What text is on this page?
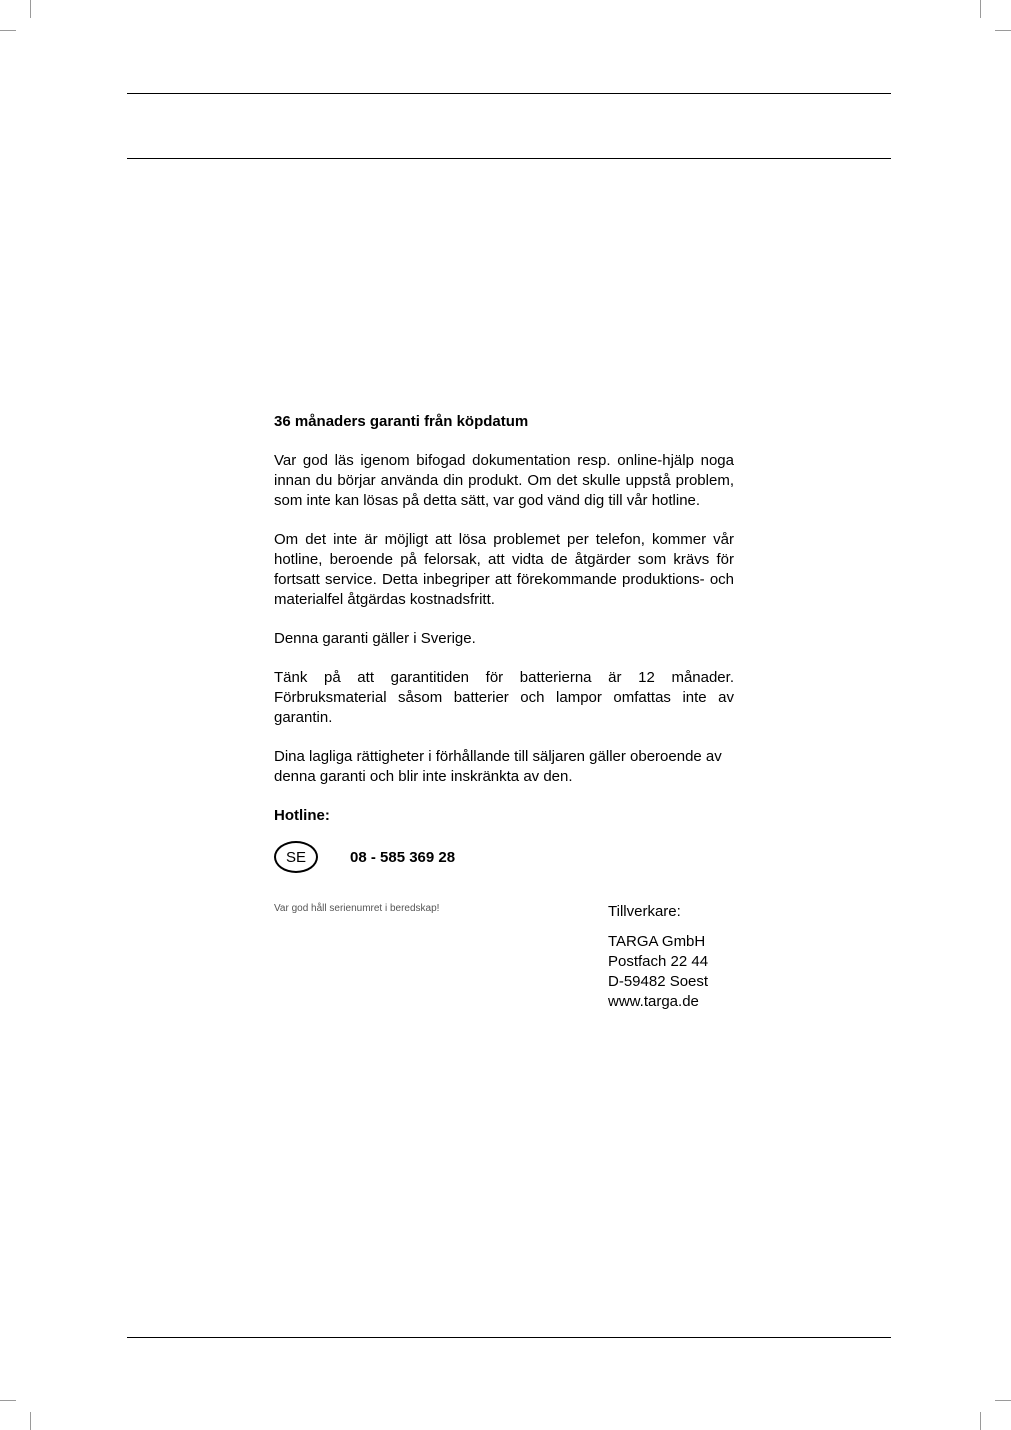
36 månaders garanti från köpdatum
Var god läs igenom bifogad dokumentation resp. online-hjälp noga innan du börjar använda din produkt. Om det skulle uppstå problem, som inte kan lösas på detta sätt, var god vänd dig till vår hotline.
Om det inte är möjligt att lösa problemet per telefon, kommer vår hotline, beroende på felorsak, att vidta de åtgärder som krävs för fortsatt service. Detta inbegriper att förekommande produktions- och materialfel åtgärdas kostnadsfritt.
Denna garanti gäller i Sverige.
Tänk på att garantitiden för batterierna är 12 månader. Förbruksmaterial såsom batterier och lampor omfattas inte av garantin.
Dina lagliga rättigheter i förhållande till säljaren gäller oberoende av denna garanti och blir inte inskränkta av den.
Hotline:
SE	08 - 585 369 28
Var god håll serienumret i beredskap!	Tillverkare:
TARGA GmbH
Postfach 22 44
D-59482 Soest
www.targa.de
